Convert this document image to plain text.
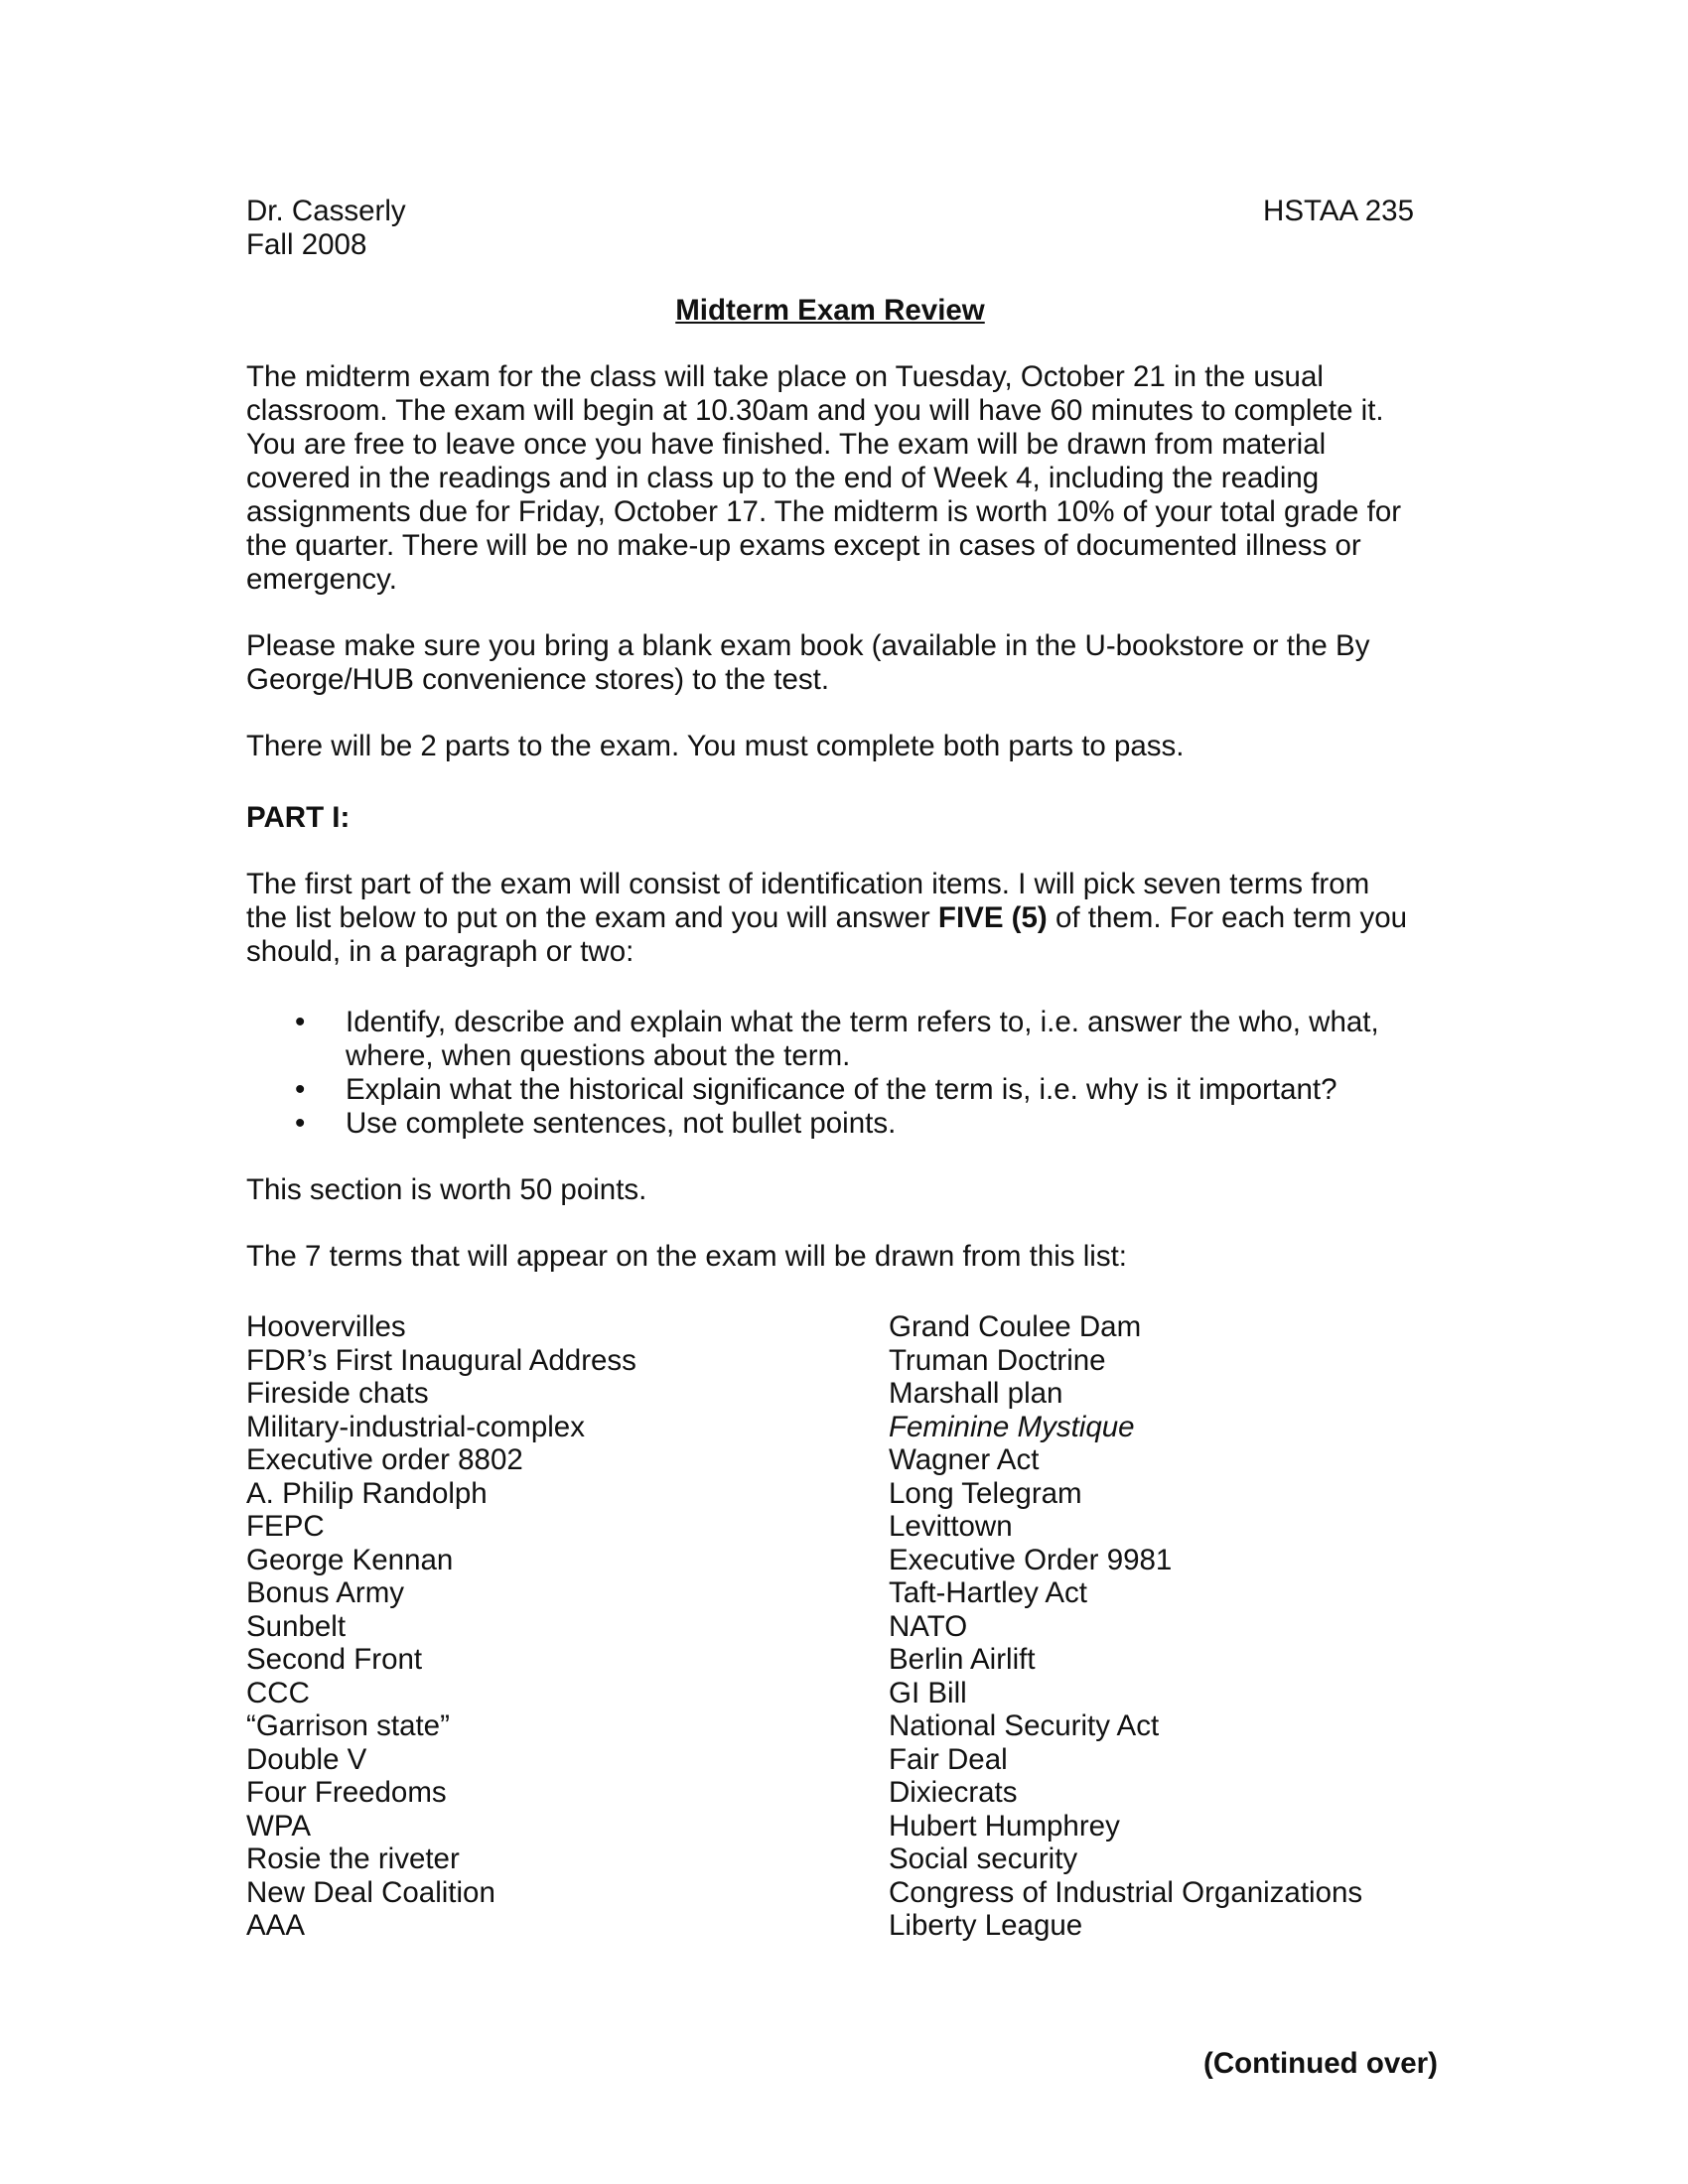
Dr. Casserly	HSTAA 235
Fall 2008
Midterm Exam Review
The midterm exam for the class will take place on Tuesday, October 21 in the usual classroom. The exam will begin at 10.30am and you will have 60 minutes to complete it. You are free to leave once you have finished. The exam will be drawn from material covered in the readings and in class up to the end of Week 4, including the reading assignments due for Friday, October 17. The midterm is worth 10% of your total grade for the quarter. There will be no make-up exams except in cases of documented illness or emergency.
Please make sure you bring a blank exam book (available in the U-bookstore or the By George/HUB convenience stores) to the test.
There will be 2 parts to the exam. You must complete both parts to pass.
PART I:
The first part of the exam will consist of identification items. I will pick seven terms from the list below to put on the exam and you will answer FIVE (5) of them. For each term you should, in a paragraph or two:
•	Identify, describe and explain what the term refers to, i.e. answer the who, what, where, when questions about the term.
•	Explain what the historical significance of the term is, i.e. why is it important?
•	Use complete sentences, not bullet points.
This section is worth 50 points.
The 7 terms that will appear on the exam will be drawn from this list:
Hoovervilles
FDR’s First Inaugural Address
Fireside chats
Military-industrial-complex
Executive order 8802
A. Philip Randolph
FEPC
George Kennan
Bonus Army
Sunbelt
Second Front
CCC
“Garrison state”
Double V
Four Freedoms
WPA
Rosie the riveter
New Deal Coalition
AAA
Grand Coulee Dam
Truman Doctrine
Marshall plan
Feminine Mystique
Wagner Act
Long Telegram
Levittown
Executive Order 9981
Taft-Hartley Act
NATO
Berlin Airlift
GI Bill
National Security Act
Fair Deal
Dixiecrats
Hubert Humphrey
Social security
Congress of Industrial Organizations
Liberty League
(Continued over)
